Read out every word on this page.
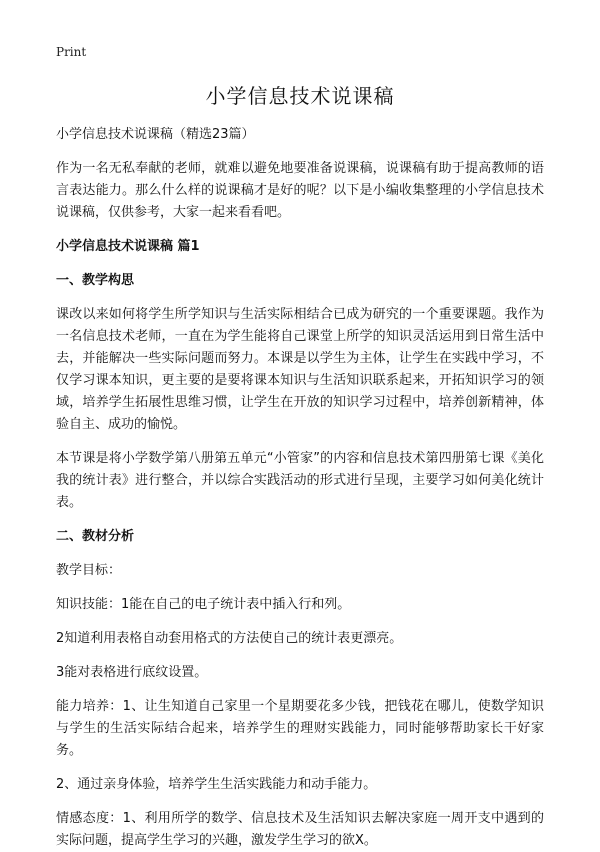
Print
小学信息技术说课稿

小学信息技术说课稿（精选23篇）

作为一名无私奉献的老师，就难以避免地要准备说课稿，说课稿有助于提高教师的语言表达能力。那么什么样的说课稿才是好的呢？以下是小编收集整理的小学信息技术说课稿，仅供参考，大家一起来看看吧。

小学信息技术说课稿 篇1
一、教学构思

课改以来如何将学生所学知识与生活实际相结合已成为研究的一个重要课题。我作为一名信息技术老师，一直在为学生能将自己课堂上所学的知识灵活运用到日常生活中去，并能解决一些实际问题而努力。本课是以学生为主体，让学生在实践中学习，不仅学习课本知识，更主要的是要将课本知识与生活知识联系起来，开拓知识学习的领域，培养学生拓展性思维习惯，让学生在开放的知识学习过程中，培养创新精神，体验自主、成功的愉悦。

本节课是将小学数学第八册第五单元“小管家”的内容和信息技术第四册第七课《美化我的统计表》进行整合，并以综合实践活动的形式进行呈现，主要学习如何美化统计表。

二、教材分析

教学目标：

知识技能：1能在自己的电子统计表中插入行和列。

2知道利用表格自动套用格式的方法使自己的统计表更漂亮。

3能对表格进行底纹设置。

能力培养：1、让生知道自己家里一个星期要花多少钱，把钱花在哪儿，使数学知识与学生的生活实际结合起来，培养学生的理财实践能力，同时能够帮助家长干好家务。

2、通过亲身体验，培养学生生活实践能力和动手能力。

情感态度：1、利用所学的数学、信息技术及生活知识去解决家庭一周开支中遇到的实际问题，提高学生学习的兴趣，激发学生学习的欲X。
